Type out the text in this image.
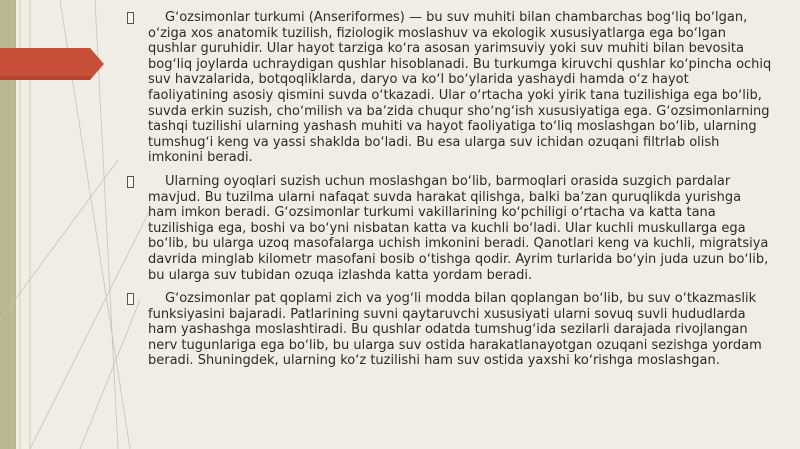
Gʻozsimonlar turkumi (Anseriformes) — bu suv muhiti bilan chambarchas bogʻliq boʻlgan, oʻziga xos anatomik tuzilish, fiziologik moslashuv va ekologik xususiyatlarga ega boʻlgan qushlar guruhidir. Ular hayot tarziga koʻra asosan yarimsuviy yoki suv muhiti bilan bevosita bogʻliq joylarda uchraydigan qushlar hisoblanadi. Bu turkumga kiruvchi qushlar koʻpincha ochiq suv havzalarida, botqoqliklarda, daryo va koʻl boʻylarida yashaydi hamda oʻz hayot faoliyatining asosiy qismini suvda oʻtkazadi. Ular oʻrtacha yoki yirik tana tuzilishiga ega boʻlib, suvda erkin suzish, choʻmilish va baʼzida chuqur shoʻngʻish xususiyatiga ega. Gʻozsimonlarning tashqi tuzilishi ularning yashash muhiti va hayot faoliyatiga toʻliq moslashgan boʻlib, ularning tumshugʻi keng va yassi shaklda boʻladi. Bu esa ularga suv ichidan ozuqani filtrlab olish imkonini beradi.

Ularning oyoqlari suzish uchun moslashgan boʻlib, barmoqlari orasida suzgich pardalar mavjud. Bu tuzilma ularni nafaqat suvda harakat qilishga, balki baʼzan quruqlikda yurishga ham imkon beradi. Gʻozsimonlar turkumi vakillarining koʻpchiligi oʻrtacha va katta tana tuzilishiga ega, boshi va boʻyni nisbatan katta va kuchli boʻladi. Ular kuchli muskullarga ega boʻlib, bu ularga uzoq masofalarga uchish imkonini beradi. Qanotlari keng va kuchli, migratsiya davrida minglab kilometr masofani bosib oʻtishga qodir. Ayrim turlarida boʻyin juda uzun boʻlib, bu ularga suv tubidan ozuqa izlashda katta yordam beradi.

Gʻozsimonlar pat qoplami zich va yogʻli modda bilan qoplangan boʻlib, bu suv oʻtkazmaslik funksiyasini bajaradi. Patlarining suvni qaytaruvchi xususiyati ularni sovuq suvli hududlarda ham yashashga moslashtiradi. Bu qushlar odatda tumshugʻida sezilarli darajada rivojlangan nerv tugunlariga ega boʻlib, bu ularga suv ostida harakatlanayotgan ozuqani sezishga yordam beradi. Shuningdek, ularning koʻz tuzilishi ham suv ostida yaxshi koʻrishga moslashgan.
